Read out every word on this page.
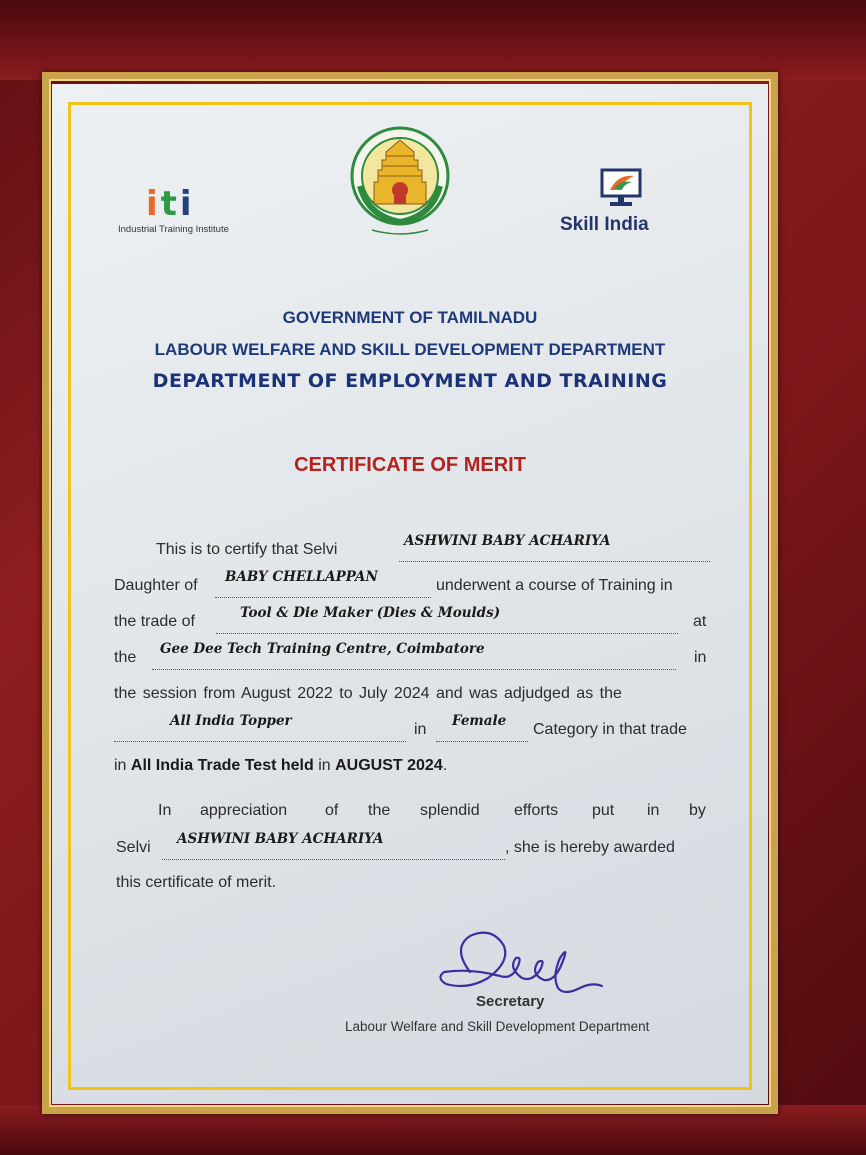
i t i
Industrial Training Institute	Skill India
GOVERNMENT OF TAMILNADU
LABOUR WELFARE AND SKILL DEVELOPMENT DEPARTMENT
DEPARTMENT OF EMPLOYMENT AND TRAINING
CERTIFICATE OF MERIT
This is to certify that Selvi	ASHWINI BABY ACHARIYA
Daughter of BABY CHELLAPPAN	underwent a course of Training in
the trade of	Tool & Die Maker (Dies & Moulds)	at
the Gee Dee Tech Training Centre, Coimbatore	in
the session from August 2022 to July 2024 and was adjudged as the
All India Topper	in Female Category in that trade
in All India Trade Test held in AUGUST 2024.
In appreciation of the splendid efforts put in by
Selvi ASHWINI BABY ACHARIYA	, she is hereby awarded
this certificate of merit.
Secretary
Labour Welfare and Skill Development Department
